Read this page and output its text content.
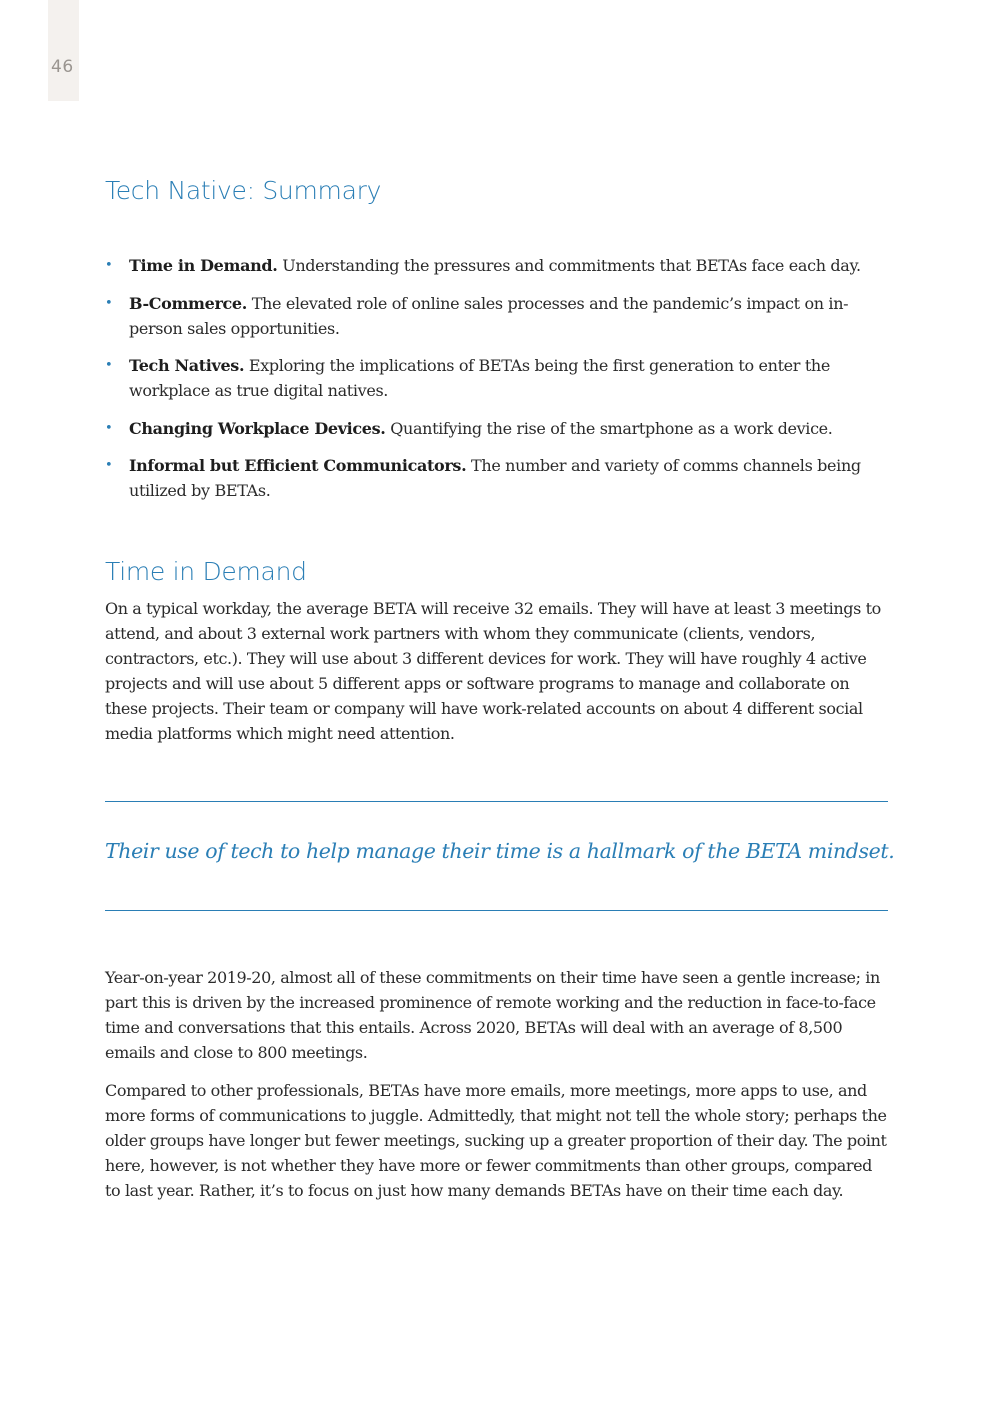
46
Tech Native: Summary
• Time in Demand. Understanding the pressures and commitments that BETAs face each day.
• B-Commerce. The elevated role of online sales processes and the pandemic’s impact on in-person sales opportunities.
• Tech Natives. Exploring the implications of BETAs being the first generation to enter the workplace as true digital natives.
• Changing Workplace Devices. Quantifying the rise of the smartphone as a work device.
• Informal but Efficient Communicators. The number and variety of comms channels being utilized by BETAs.
Time in Demand

On a typical workday, the average BETA will receive 32 emails. They will have at least 3 meetings to attend, and about 3 external work partners with whom they communicate (clients, vendors, contractors, etc.). They will use about 3 different devices for work. They will have roughly 4 active projects and will use about 5 different apps or software programs to manage and collaborate on these projects. Their team or company will have work-related accounts on about 4 different social media platforms which might need attention.

Their use of tech to help manage their time is a hallmark of the BETA mindset.

Year-on-year 2019-20, almost all of these commitments on their time have seen a gentle increase; in part this is driven by the increased prominence of remote working and the reduction in face-to-face time and conversations that this entails. Across 2020, BETAs will deal with an average of 8,500 emails and close to 800 meetings.

Compared to other professionals, BETAs have more emails, more meetings, more apps to use, and more forms of communications to juggle. Admittedly, that might not tell the whole story; perhaps the older groups have longer but fewer meetings, sucking up a greater proportion of their day. The point here, however, is not whether they have more or fewer commitments than other groups, compared to last year. Rather, it’s to focus on just how many demands BETAs have on their time each day.
